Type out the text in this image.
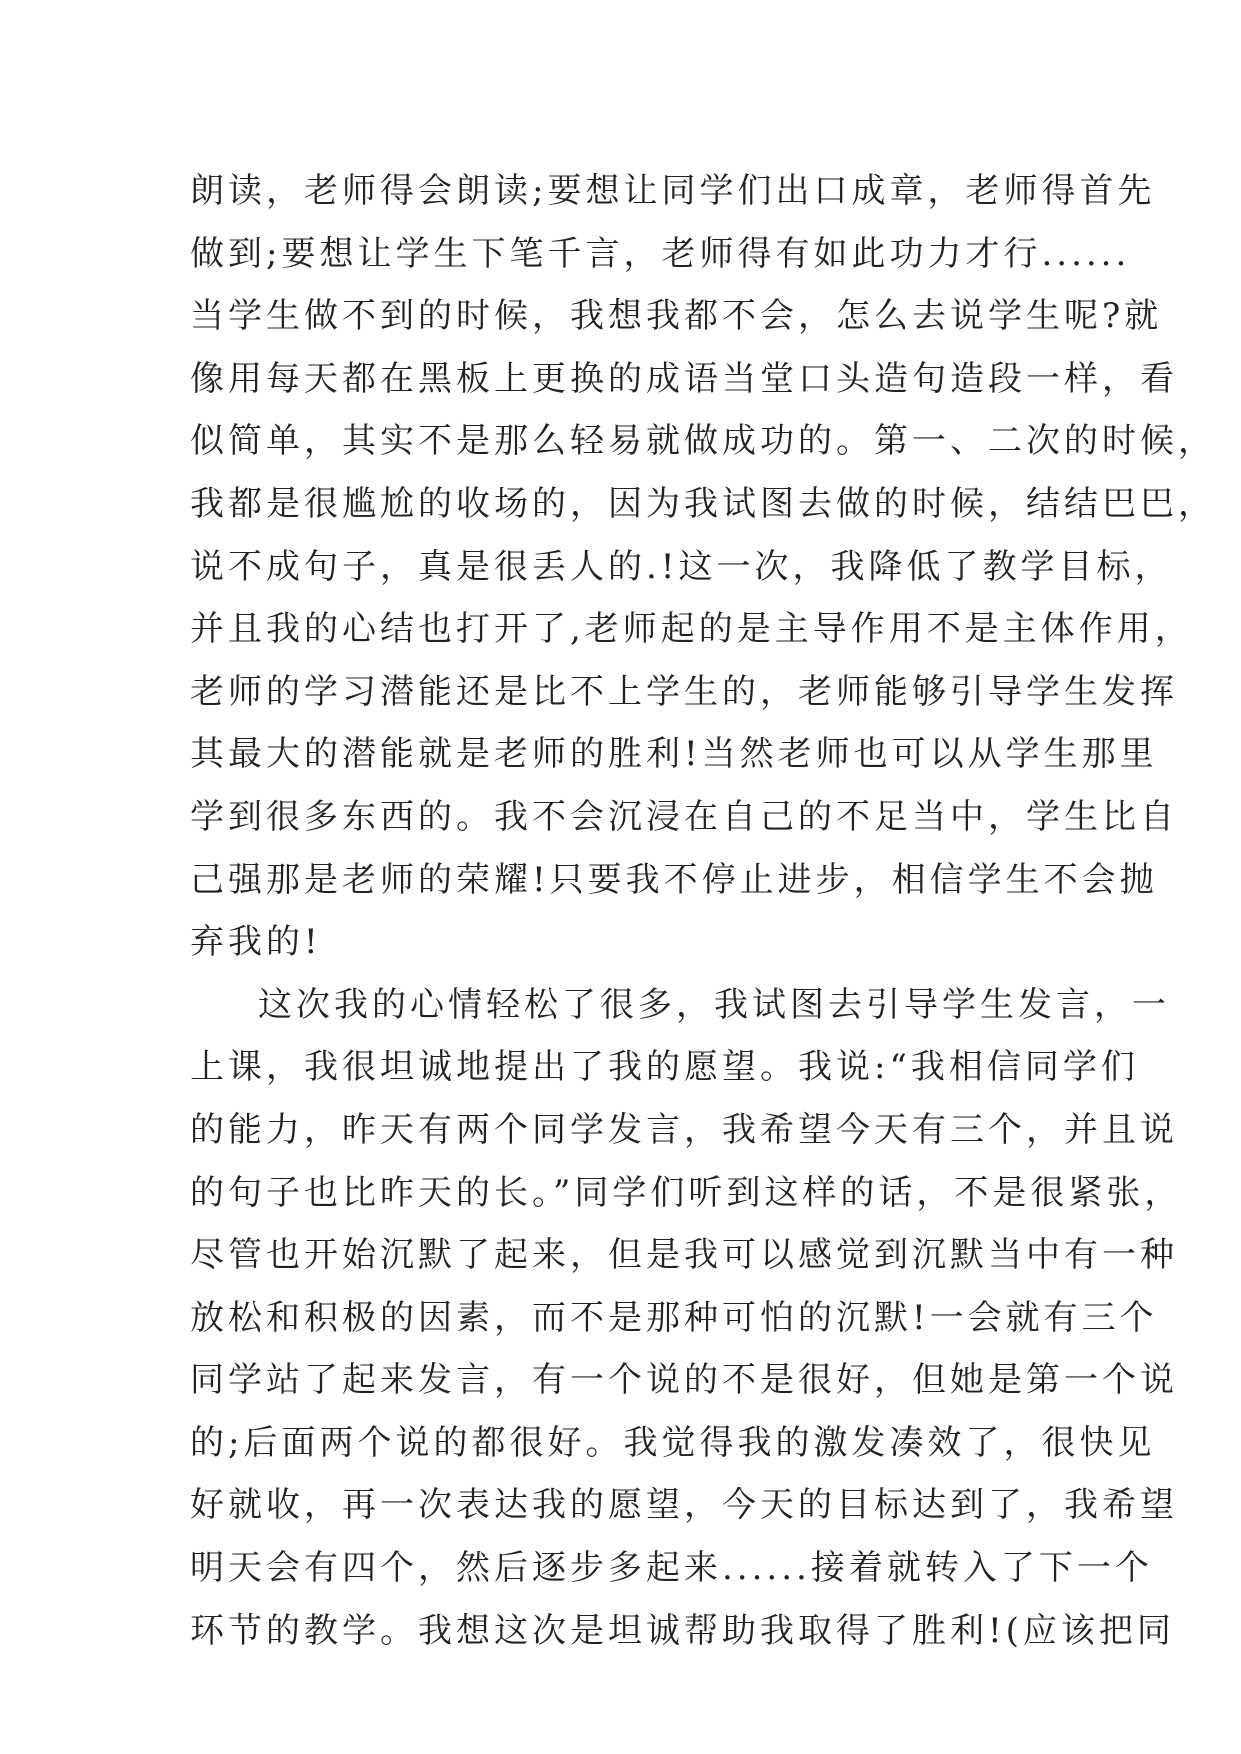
朗读，老师得会朗读;要想让同学们出口成章，老师得首先
做到;要想让学生下笔千言，老师得有如此功力才行......
当学生做不到的时候，我想我都不会，怎么去说学生呢?就
像用每天都在黑板上更换的成语当堂口头造句造段一样，看
似简单，其实不是那么轻易就做成功的。第一、二次的时候，
我都是很尴尬的收场的，因为我试图去做的时候，结结巴巴，
说不成句子，真是很丢人的.!这一次，我降低了教学目标，
并且我的心结也打开了,老师起的是主导作用不是主体作用，
老师的学习潜能还是比不上学生的，老师能够引导学生发挥
其最大的潜能就是老师的胜利!当然老师也可以从学生那里
学到很多东西的。我不会沉浸在自己的不足当中，学生比自
己强那是老师的荣耀!只要我不停止进步，相信学生不会抛
弃我的!
这次我的心情轻松了很多，我试图去引导学生发言，一
上课，我很坦诚地提出了我的愿望。我说:“我相信同学们
的能力，昨天有两个同学发言，我希望今天有三个，并且说
的句子也比昨天的长。”同学们听到这样的话，不是很紧张，
尽管也开始沉默了起来，但是我可以感觉到沉默当中有一种
放松和积极的因素，而不是那种可怕的沉默!一会就有三个
同学站了起来发言，有一个说的不是很好，但她是第一个说
的;后面两个说的都很好。我觉得我的激发凑效了，很快见
好就收，再一次表达我的愿望，今天的目标达到了，我希望
明天会有四个，然后逐步多起来......接着就转入了下一个
环节的教学。我想这次是坦诚帮助我取得了胜利!(应该把同
